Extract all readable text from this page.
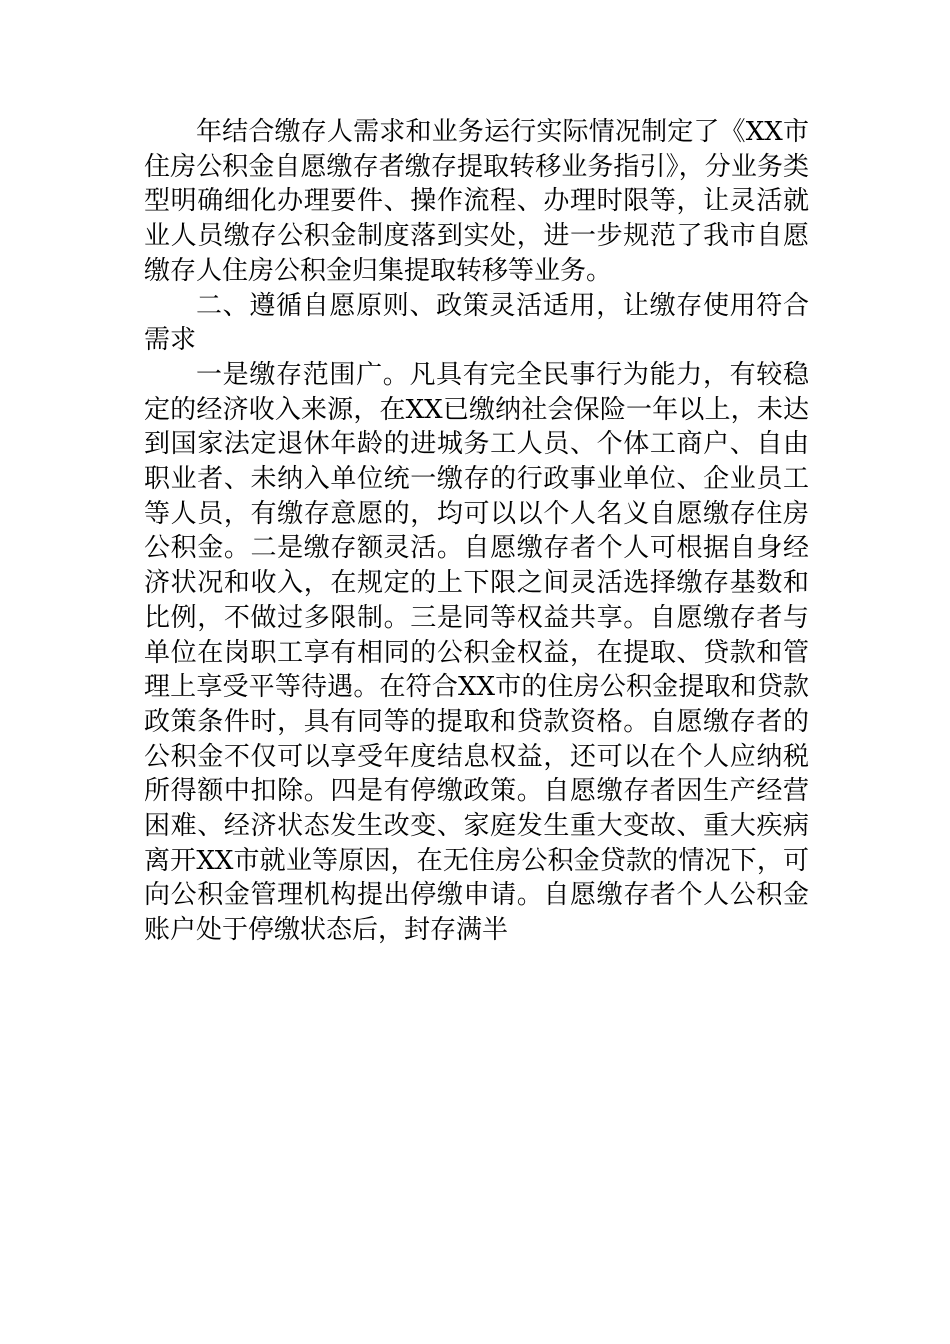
年结合缴存人需求和业务运行实际情况制定了《XX市住房公积金自愿缴存者缴存提取转移业务指引》，分业务类型明确细化办理要件、操作流程、办理时限等，让灵活就业人员缴存公积金制度落到实处，进一步规范了我市自愿缴存人住房公积金归集提取转移等业务。

二、遵循自愿原则、政策灵活适用，让缴存使用符合需求

一是缴存范围广。凡具有完全民事行为能力，有较稳定的经济收入来源，在XX已缴纳社会保险一年以上，未达到国家法定退休年龄的进城务工人员、个体工商户、自由职业者、未纳入单位统一缴存的行政事业单位、企业员工等人员，有缴存意愿的，均可以以个人名义自愿缴存住房公积金。二是缴存额灵活。自愿缴存者个人可根据自身经济状况和收入，在规定的上下限之间灵活选择缴存基数和比例，不做过多限制。三是同等权益共享。自愿缴存者与单位在岗职工享有相同的公积金权益，在提取、贷款和管理上享受平等待遇。在符合XX市的住房公积金提取和贷款政策条件时，具有同等的提取和贷款资格。自愿缴存者的公积金不仅可以享受年度结息权益，还可以在个人应纳税所得额中扣除。四是有停缴政策。自愿缴存者因生产经营困难、经济状态发生改变、家庭发生重大变故、重大疾病离开XX市就业等原因，在无住房公积金贷款的情况下，可向公积金管理机构提出停缴申请。自愿缴存者个人公积金账户处于停缴状态后，封存满半
